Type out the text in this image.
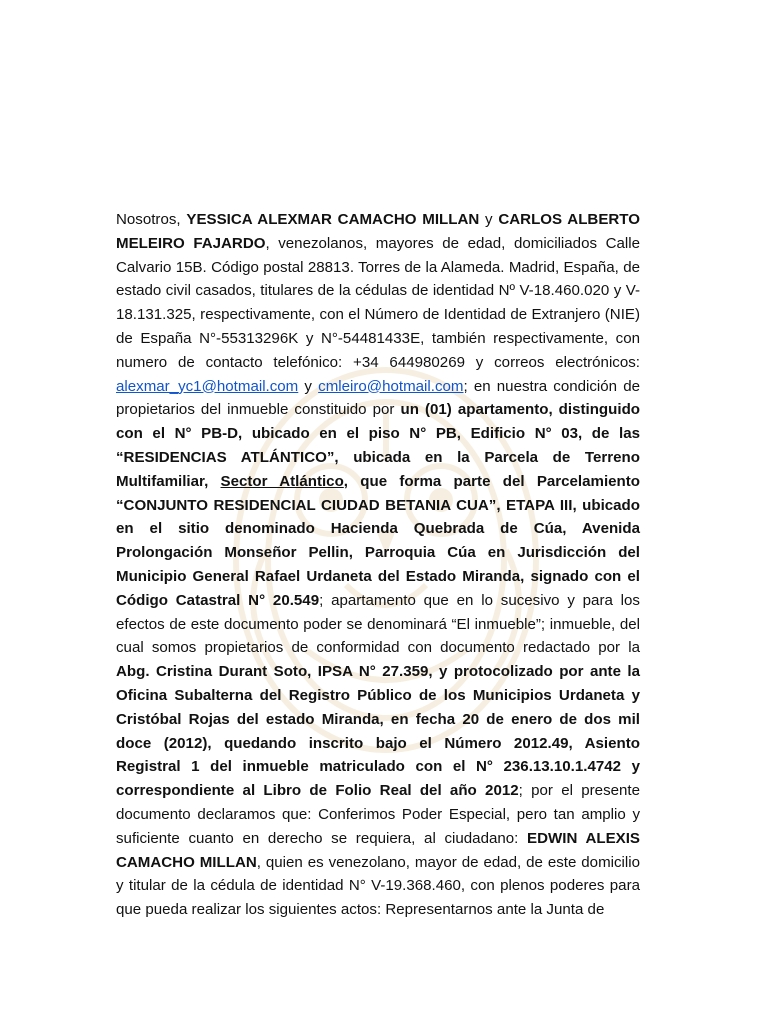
Nosotros, YESSICA ALEXMAR CAMACHO MILLAN y CARLOS ALBERTO MELEIRO FAJARDO, venezolanos, mayores de edad, domiciliados Calle Calvario 15B. Código postal 28813. Torres de la Alameda. Madrid, España, de estado civil casados, titulares de la cédulas de identidad Nº V-18.460.020 y V-18.131.325, respectivamente, con el Número de Identidad de Extranjero (NIE) de España N°-55313296K y N°-54481433E, también respectivamente, con numero de contacto telefónico: +34 644980269 y correos electrónicos: alexmar_yc1@hotmail.com y cmleiro@hotmail.com; en nuestra condición de propietarios del inmueble constituido por un (01) apartamento, distinguido con el N° PB-D, ubicado en el piso N° PB, Edificio N° 03, de las “RESIDENCIAS ATLÁNTICO”, ubicada en la Parcela de Terreno Multifamiliar, Sector Atlántico, que forma parte del Parcelamiento “CONJUNTO RESIDENCIAL CIUDAD BETANIA CUA”, ETAPA III, ubicado en el sitio denominado Hacienda Quebrada de Cúa, Avenida Prolongación Monseñor Pellin, Parroquia Cúa en Jurisdicción del Municipio General Rafael Urdaneta del Estado Miranda, signado con el Código Catastral N° 20.549; apartamento que en lo sucesivo y para los efectos de este documento poder se denominará “El inmueble”; inmueble, del cual somos propietarios de conformidad con documento redactado por la Abg. Cristina Durant Soto, IPSA N° 27.359, y protocolizado por ante la Oficina Subalterna del Registro Público de los Municipios Urdaneta y Cristóbal Rojas del estado Miranda, en fecha 20 de enero de dos mil doce (2012), quedando inscrito bajo el Número 2012.49, Asiento Registral 1 del inmueble matriculado con el N° 236.13.10.1.4742 y correspondiente al Libro de Folio Real del año 2012; por el presente documento declaramos que: Conferimos Poder Especial, pero tan amplio y suficiente cuanto en derecho se requiera, al ciudadano: EDWIN ALEXIS CAMACHO MILLAN, quien es venezolano, mayor de edad, de este domicilio y titular de la cédula de identidad N° V-19.368.460, con plenos poderes para que pueda realizar los siguientes actos: Representarnos ante la Junta de
